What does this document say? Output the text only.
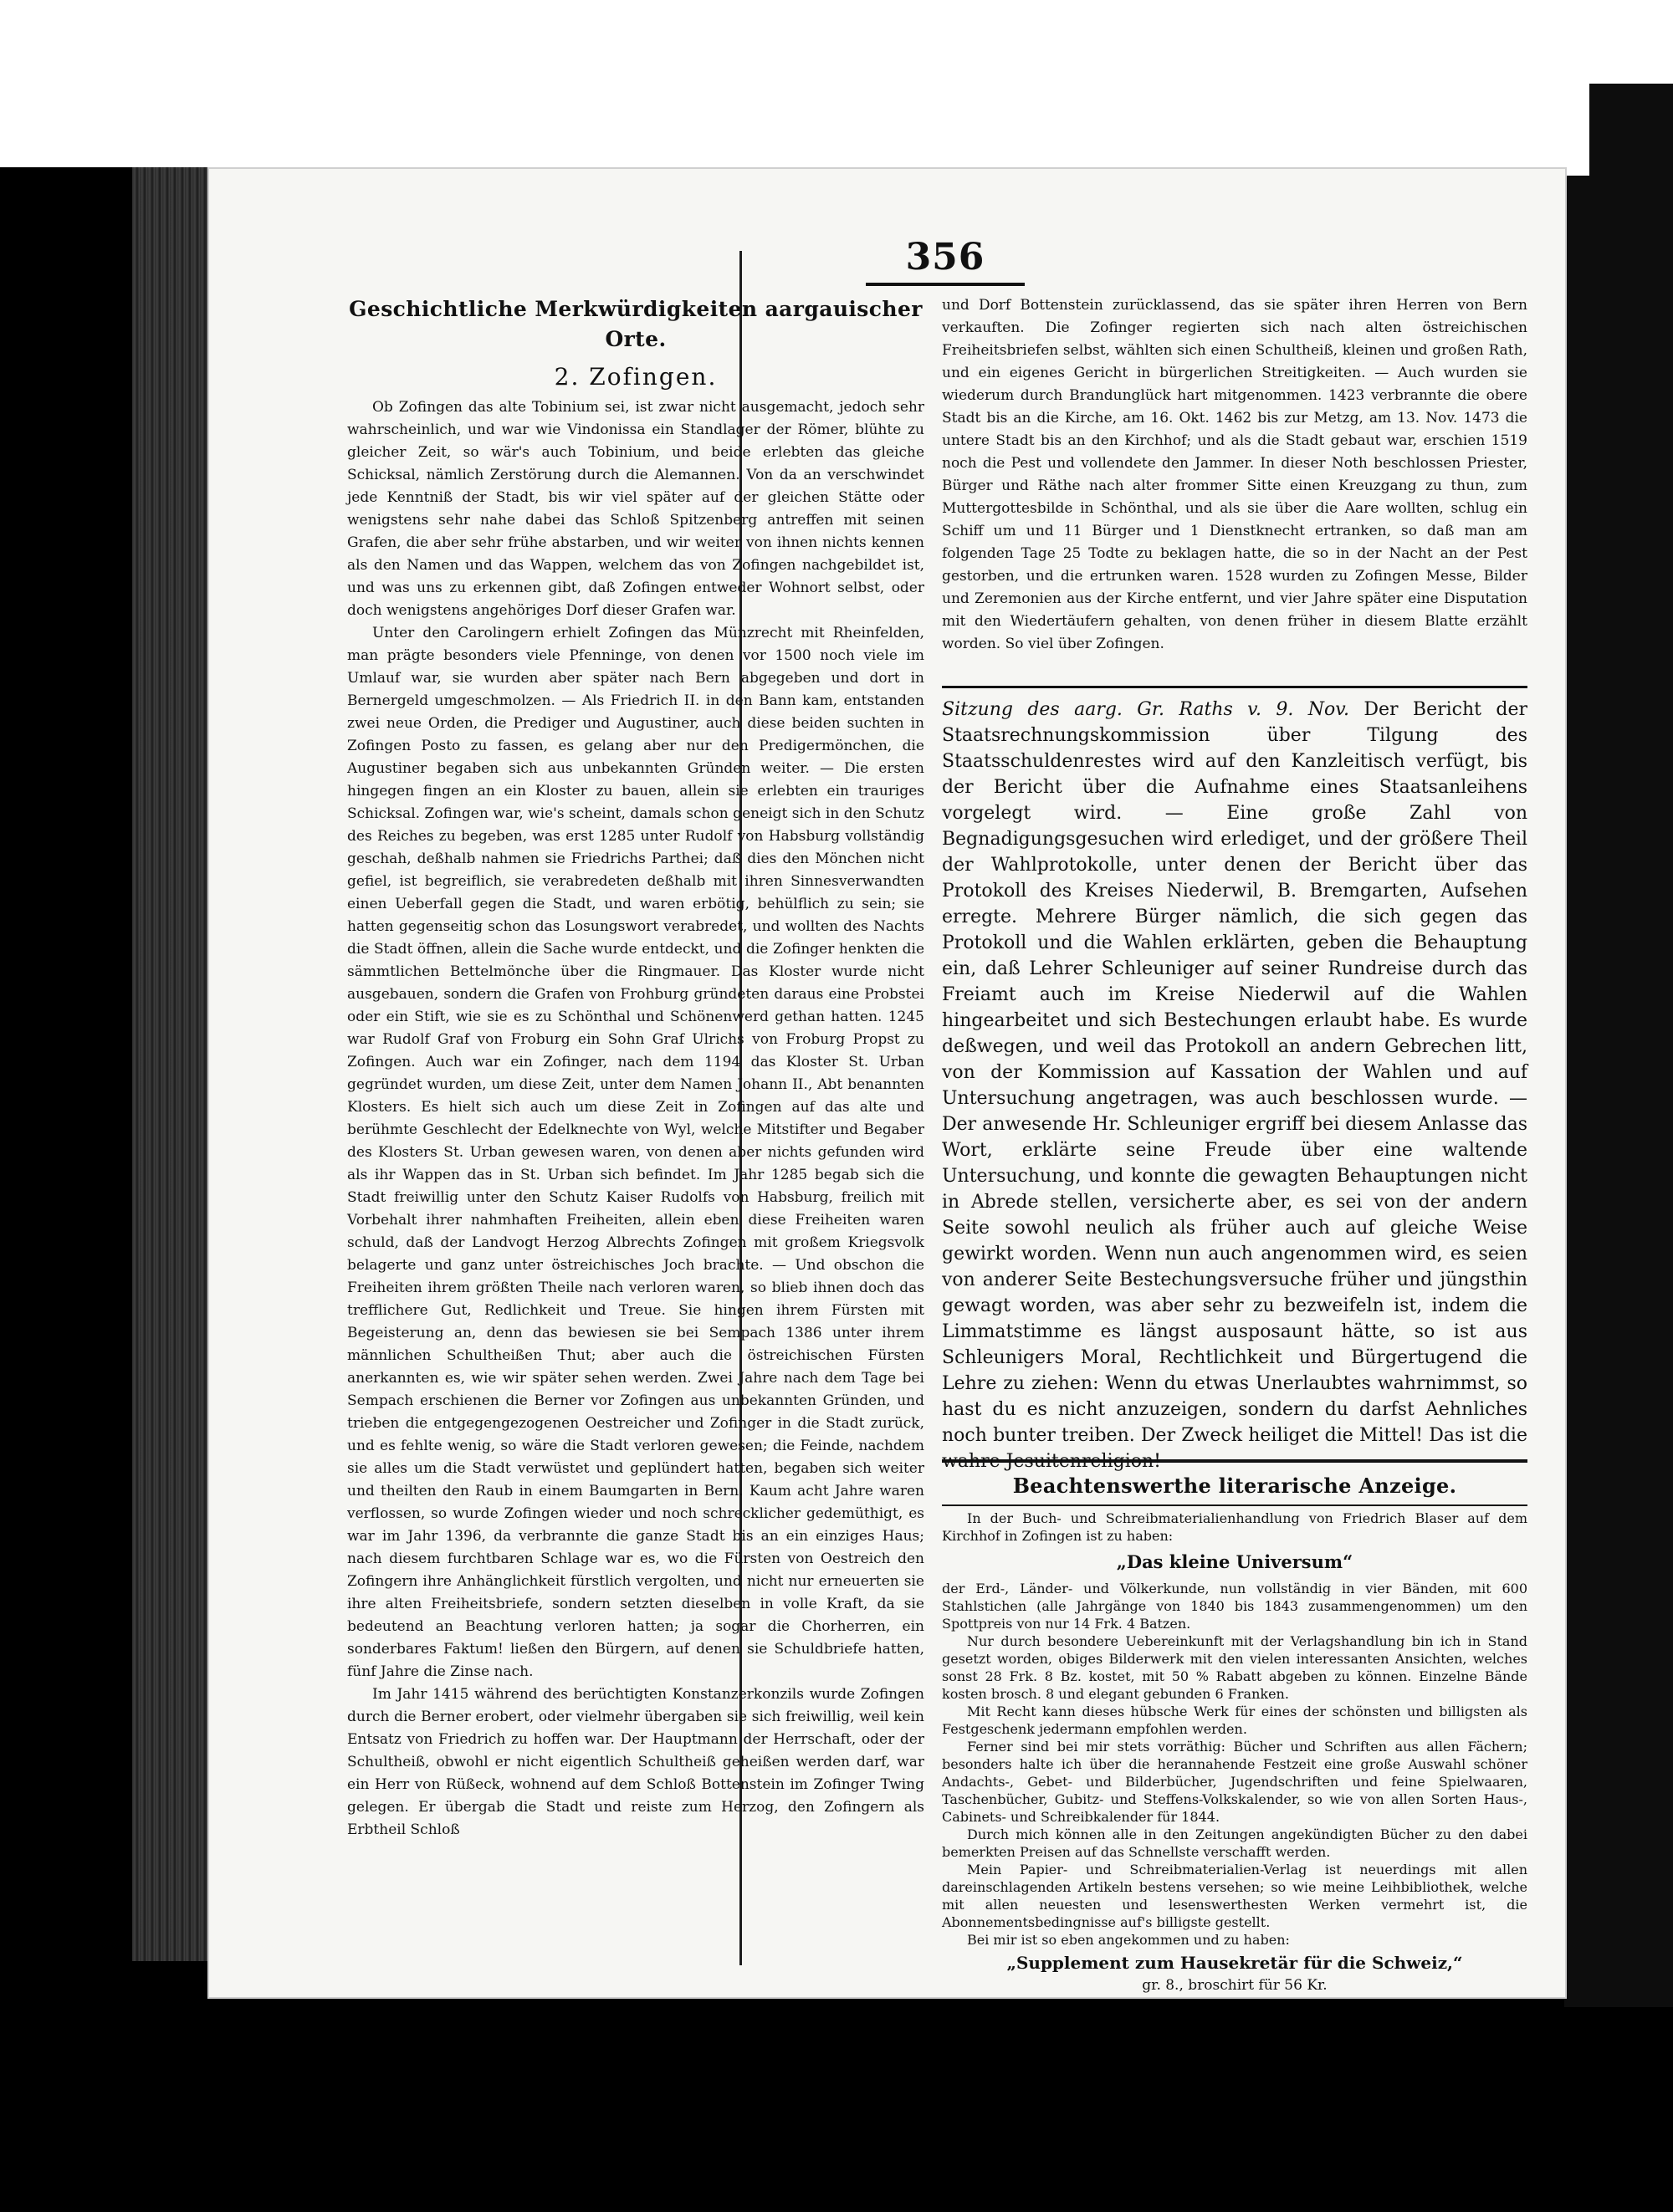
356
Geschichtliche Merkwürdigkeiten aargauischer Orte.
2. Zofingen.

Ob Zofingen das alte Tobinium sei, ist zwar nicht ausgemacht, jedoch sehr wahrscheinlich, und war wie Vindonissa ein Standlager der Römer, blühte zu gleicher Zeit, so wär's auch Tobinium, und beide erlebten das gleiche Schicksal, nämlich Zerstörung durch die Alemannen. Von da an verschwindet jede Kenntniß der Stadt, bis wir viel später auf der gleichen Stätte oder wenigstens sehr nahe dabei das Schloß Spitzenberg antreffen mit seinen Grafen, die aber sehr frühe abstarben, und wir weiter von ihnen nichts kennen als den Namen und das Wappen, welchem das von Zofingen nachgebildet ist, und was uns zu erkennen gibt, daß Zofingen entweder Wohnort selbst, oder doch wenigstens angehöriges Dorf dieser Grafen war.

Unter den Carolingern erhielt Zofingen das Münzrecht mit Rheinfelden, man prägte besonders viele Pfenninge, von denen vor 1500 noch viele im Umlauf war, sie wurden aber später nach Bern abgegeben und dort in Bernergeld umgeschmolzen. — Als Friedrich II. in den Bann kam, entstanden zwei neue Orden, die Prediger und Augustiner, auch diese beiden suchten in Zofingen Posto zu fassen, es gelang aber nur den Predigermönchen, die Augustiner begaben sich aus unbekannten Gründen weiter. — Die ersten hingegen fingen an ein Kloster zu bauen, allein sie erlebten ein trauriges Schicksal. Zofingen war, wie's scheint, damals schon geneigt sich in den Schutz des Reiches zu begeben, was erst 1285 unter Rudolf von Habsburg vollständig geschah, deßhalb nahmen sie Friedrichs Parthei; daß dies den Mönchen nicht gefiel, ist begreiflich, sie verabredeten deßhalb mit ihren Sinnesverwandten einen Ueberfall gegen die Stadt, und waren erbötig, behülflich zu sein; sie hatten gegenseitig schon das Losungswort verabredet, und wollten des Nachts die Stadt öffnen, allein die Sache wurde entdeckt, und die Zofinger henkten die sämmtlichen Bettelmönche über die Ringmauer. Das Kloster wurde nicht ausgebauen, sondern die Grafen von Frohburg gründeten daraus eine Probstei oder ein Stift, wie sie es zu Schönthal und Schönenwerd gethan hatten. 1245 war Rudolf Graf von Froburg ein Sohn Graf Ulrichs von Froburg Propst zu Zofingen. Auch war ein Zofinger, nach dem 1194 das Kloster St. Urban gegründet wurden, um diese Zeit, unter dem Namen Johann II., Abt benannten Klosters. Es hielt sich auch um diese Zeit in Zofingen auf das alte und berühmte Geschlecht der Edelknechte von Wyl, welche Mitstifter und Begaber des Klosters St. Urban gewesen waren, von denen aber nichts gefunden wird als ihr Wappen das in St. Urban sich befindet. Im Jahr 1285 begab sich die Stadt freiwillig unter den Schutz Kaiser Rudolfs von Habsburg, freilich mit Vorbehalt ihrer nahmhaften Freiheiten, allein eben diese Freiheiten waren schuld, daß der Landvogt Herzog Albrechts Zofingen mit großem Kriegsvolk belagerte und ganz unter östreichisches Joch brachte. — Und obschon die Freiheiten ihrem größten Theile nach verloren waren, so blieb ihnen doch das trefflichere Gut, Redlichkeit und Treue. Sie hingen ihrem Fürsten mit Begeisterung an, denn das bewiesen sie bei Sempach 1386 unter ihrem männlichen Schultheißen Thut; aber auch die östreichischen Fürsten anerkannten es, wie wir später sehen werden. Zwei Jahre nach dem Tage bei Sempach erschienen die Berner vor Zofingen aus unbekannten Gründen, und trieben die entgegengezogenen Oestreicher und Zofinger in die Stadt zurück, und es fehlte wenig, so wäre die Stadt verloren gewesen; die Feinde, nachdem sie alles um die Stadt verwüstet und geplündert hatten, begaben sich weiter und theilten den Raub in einem Baumgarten in Bern. Kaum acht Jahre waren verflossen, so wurde Zofingen wieder und noch schrecklicher gedemüthigt, es war im Jahr 1396, da verbrannte die ganze Stadt bis an ein einziges Haus; nach diesem furchtbaren Schlage war es, wo die Fürsten von Oestreich den Zofingern ihre Anhänglichkeit fürstlich vergolten, und nicht nur erneuerten sie ihre alten Freiheitsbriefe, sondern setzten dieselben in volle Kraft, da sie bedeutend an Beachtung verloren hatten; ja sogar die Chorherren, ein sonderbares Faktum! ließen den Bürgern, auf denen sie Schuldbriefe hatten, fünf Jahre die Zinse nach.

Im Jahr 1415 während des berüchtigten Konstanzerkonzils wurde Zofingen durch die Berner erobert, oder vielmehr übergaben sie sich freiwillig, weil kein Entsatz von Friedrich zu hoffen war. Der Hauptmann der Herrschaft, oder der Schultheiß, obwohl er nicht eigentlich Schultheiß geheißen werden darf, war ein Herr von Rüßeck, wohnend auf dem Schloß Bottenstein im Zofinger Twing gelegen. Er übergab die Stadt und reiste zum Herzog, den Zofingern als Erbtheil Schloß

und Dorf Bottenstein zurücklassend, das sie später ihren Herren von Bern verkauften. Die Zofinger regierten sich nach alten östreichischen Freiheitsbriefen selbst, wählten sich einen Schultheiß, kleinen und großen Rath, und ein eigenes Gericht in bürgerlichen Streitigkeiten. — Auch wurden sie wiederum durch Brandunglück hart mitgenommen. 1423 verbrannte die obere Stadt bis an die Kirche, am 16. Okt. 1462 bis zur Metzg, am 13. Nov. 1473 die untere Stadt bis an den Kirchhof; und als die Stadt gebaut war, erschien 1519 noch die Pest und vollendete den Jammer. In dieser Noth beschlossen Priester, Bürger und Räthe nach alter frommer Sitte einen Kreuzgang zu thun, zum Muttergottesbilde in Schönthal, und als sie über die Aare wollten, schlug ein Schiff um und 11 Bürger und 1 Dienstknecht ertranken, so daß man am folgenden Tage 25 Todte zu beklagen hatte, die so in der Nacht an der Pest gestorben, und die ertrunken waren. 1528 wurden zu Zofingen Messe, Bilder und Zeremonien aus der Kirche entfernt, und vier Jahre später eine Disputation mit den Wiedertäufern gehalten, von denen früher in diesem Blatte erzählt worden. So viel über Zofingen.

Sitzung des aarg. Gr. Raths v. 9. Nov. Der Bericht der Staatsrechnungskommission über Tilgung des Staatsschuldenrestes wird auf den Kanzleitisch verfügt, bis der Bericht über die Aufnahme eines Staatsanleihens vorgelegt wird. — Eine große Zahl von Begnadigungsgesuchen wird erlediget, und der größere Theil der Wahlprotokolle, unter denen der Bericht über das Protokoll des Kreises Niederwil, B. Bremgarten, Aufsehen erregte. Mehrere Bürger nämlich, die sich gegen das Protokoll und die Wahlen erklärten, geben die Behauptung ein, daß Lehrer Schleuniger auf seiner Rundreise durch das Freiamt auch im Kreise Niederwil auf die Wahlen hingearbeitet und sich Bestechungen erlaubt habe. Es wurde deßwegen, und weil das Protokoll an andern Gebrechen litt, von der Kommission auf Kassation der Wahlen und auf Untersuchung angetragen, was auch beschlossen wurde. — Der anwesende Hr. Schleuniger ergriff bei diesem Anlasse das Wort, erklärte seine Freude über eine waltende Untersuchung, und konnte die gewagten Behauptungen nicht in Abrede stellen, versicherte aber, es sei von der andern Seite sowohl neulich als früher auch auf gleiche Weise gewirkt worden. Wenn nun auch angenommen wird, es seien von anderer Seite Bestechungsversuche früher und jüngsthin gewagt worden, was aber sehr zu bezweifeln ist, indem die Limmatstimme es längst ausposaunt hätte, so ist aus Schleunigers Moral, Rechtlichkeit und Bürgertugend die Lehre zu ziehen: Wenn du etwas Unerlaubtes wahrnimmst, so hast du es nicht anzuzeigen, sondern du darfst Aehnliches noch bunter treiben. Der Zweck heiliget die Mittel! Das ist die wahre Jesuitenreligion!

Beachtenswerthe literarische Anzeige.

In der Buch- und Schreibmaterialienhandlung von Friedrich Blaser auf dem Kirchhof in Zofingen ist zu haben:

„Das kleine Universum“

der Erd-, Länder- und Völkerkunde, nun vollständig in vier Bänden, mit 600 Stahlstichen (alle Jahrgänge von 1840 bis 1843 zusammengenommen) um den Spottpreis von nur 14 Frk. 4 Batzen.

Nur durch besondere Uebereinkunft mit der Verlagshandlung bin ich in Stand gesetzt worden, obiges Bilderwerk mit den vielen interessanten Ansichten, welches sonst 28 Frk. 8 Bz. kostet, mit 50 % Rabatt abgeben zu können. Einzelne Bände kosten brosch. 8 und elegant gebunden 6 Franken.

Mit Recht kann dieses hübsche Werk für eines der schönsten und billigsten als Festgeschenk jedermann empfohlen werden.

Ferner sind bei mir stets vorräthig: Bücher und Schriften aus allen Fächern; besonders halte ich über die herannahende Festzeit eine große Auswahl schöner Andachts-, Gebet- und Bilderbücher, Jugendschriften und feine Spielwaaren, Taschenbücher, Gubitz- und Steffens-Volkskalender, so wie von allen Sorten Haus-, Cabinets- und Schreibkalender für 1844.

Durch mich können alle in den Zeitungen angekündigten Bücher zu den dabei bemerkten Preisen auf das Schnellste verschafft werden.

Mein Papier- und Schreibmaterialien-Verlag ist neuerdings mit allen dareinschlagenden Artikeln bestens versehen; so wie meine Leihbibliothek, welche mit allen neuesten und lesenswerthesten Werken vermehrt ist, die Abonnementsbedingnisse auf's billigste gestellt.

Bei mir ist so eben angekommen und zu haben:

„Supplement zum Hausekretär für die Schweiz,“

gr. 8., broschirt für 56 Kr.
